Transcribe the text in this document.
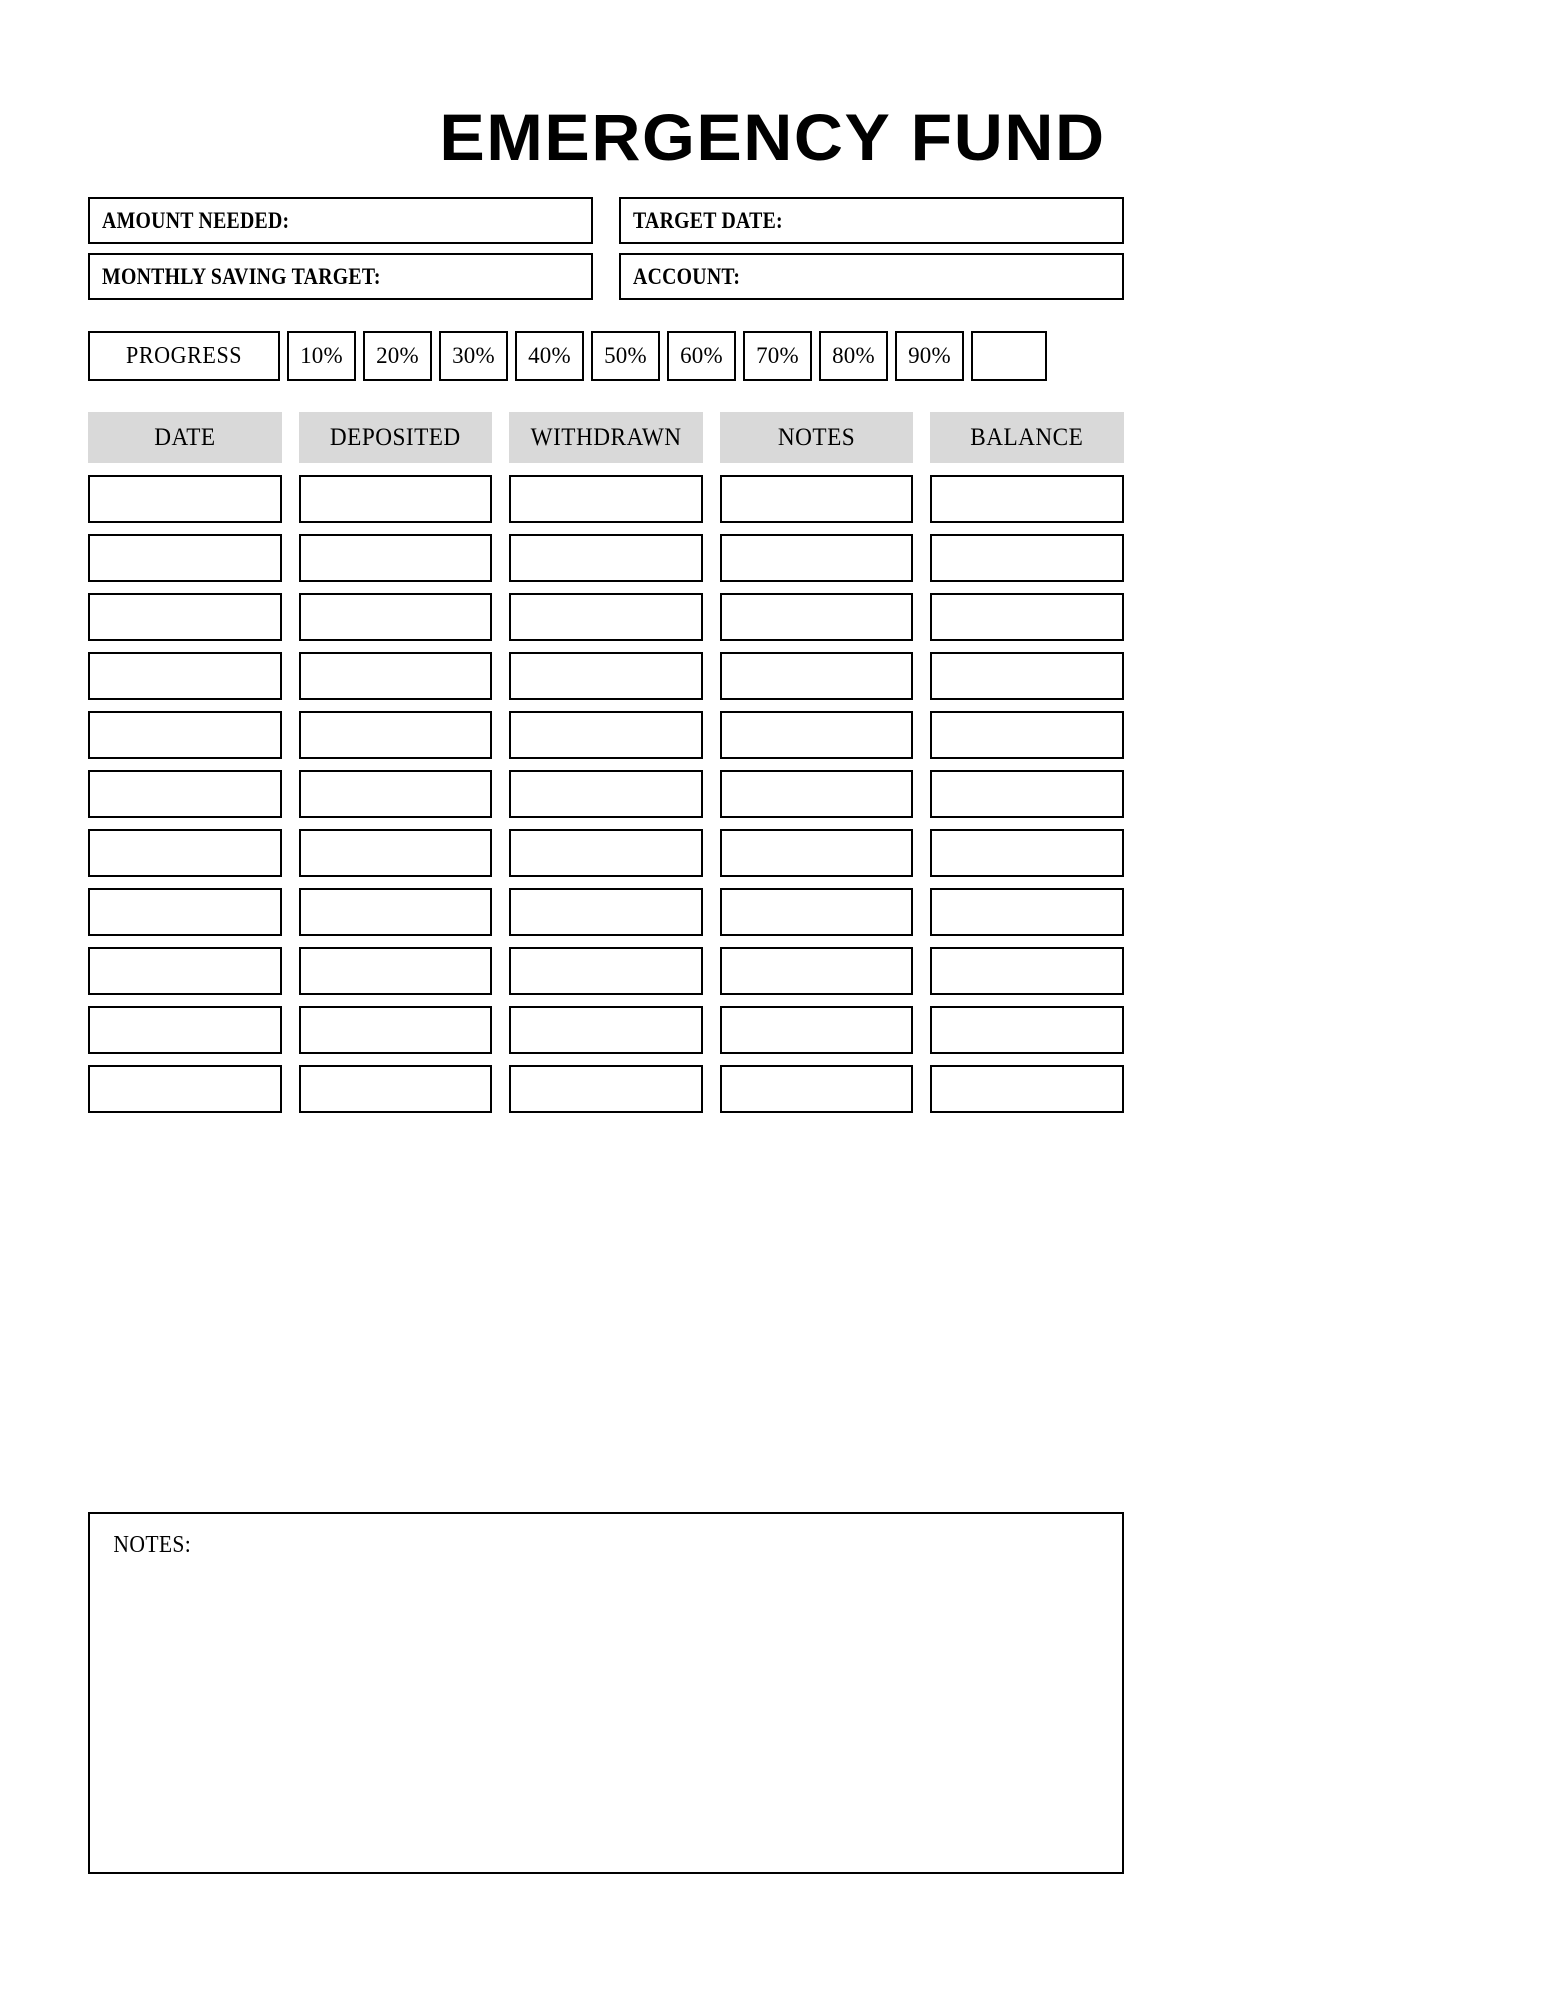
EMERGENCY FUND
AMOUNT NEEDED:	TARGET DATE:
MONTHLY SAVING TARGET:	ACCOUNT:
PROGRESS	10% 20% 30% 40% 50% 60% 70% 80% 90%
DATE	DEPOSITED	WITHDRAWN	NOTES	BALANCE
NOTES:
